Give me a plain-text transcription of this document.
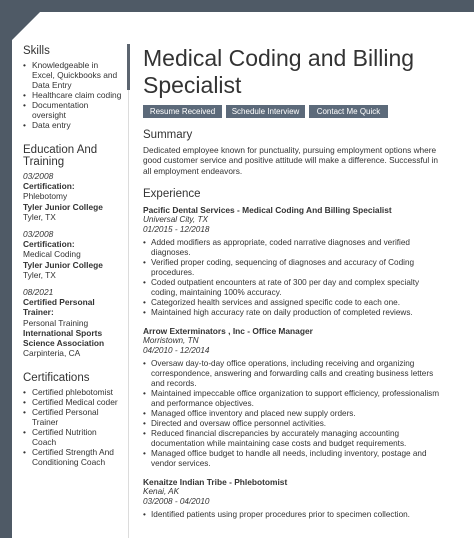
Skills
• Knowledgeable in Excel, Quickbooks and Data Entry
• Healthcare claim coding
• Documentation oversight
• Data entry
Education And Training
03/2008
Certification:
Phlebotomy
Tyler Junior College
Tyler, TX
03/2008
Certification:
Medical Coding
Tyler Junior College
Tyler, TX
08/2021
Certified Personal Trainer:
Personal Training
International Sports Science Association
Carpinteria, CA
Certifications
• Certified phlebotomist
• Certified Medical coder
• Certified Personal Trainer
• Certified Nutrition Coach
• Certified Strength And Conditioning Coach
Medical Coding and Billing Specialist
Resume Received	Schedule Interview	Contact Me Quick
Summary

Dedicated employee known for punctuality, pursuing employment options where good customer service and positive attitude will make a difference. Successful in all employment endeavors.

Experience

Pacific Dental Services - Medical Coding And Billing Specialist

Universal City, TX
01/2015 - 12/2018
• Added modifiers as appropriate, coded narrative diagnoses and verified diagnoses.
• Verified proper coding, sequencing of diagnoses and accuracy of Coding procedures.
• Coded outpatient encounters at rate of 300 per day and complex specialty coding, maintaining 100% accuracy.
• Categorized health services and assigned specific code to each one.
• Maintained high accuracy rate on daily production of completed reviews.

Arrow Exterminators , Inc - Office Manager

Morristown, TN
04/2010 - 12/2014
• Oversaw day-to-day office operations, including receiving and organizing correspondence, answering and forwarding calls and creating business letters and records.
• Maintained impeccable office organization to support efficiency, professionalism and performance objectives.
• Managed office inventory and placed new supply orders.
• Directed and oversaw office personnel activities.
• Reduced financial discrepancies by accurately managing accounting documentation while maintaining case costs and budget requirements.
• Managed office budget to handle all needs, including inventory, postage and vendor services.

Kenaitze Indian Tribe - Phlebotomist

Kenai, AK
03/2008 - 04/2010
• Identified patients using proper procedures prior to specimen collection.
